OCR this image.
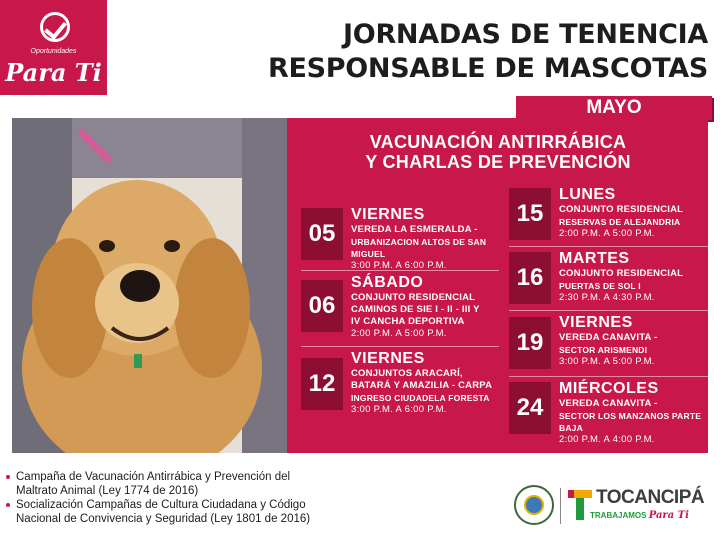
Oportunidades
Para Ti
JORNADAS DE TENENCIA
RESPONSABLE DE MASCOTAS
MAYO
VACUNACIÓN ANTIRRÁBICA
Y CHARLAS DE PREVENCIÓN
05
VIERNES
VEREDA LA ESMERALDA -
URBANIZACION ALTOS DE SAN MIGUEL
3:00 P.M. A 6:00 P.M.
06
SÁBADO
CONJUNTO RESIDENCIAL
CAMINOS DE SIE I - II - III Y
IV CANCHA DEPORTIVA
2:00 P.M. A 5:00 P.M.
12
VIERNES
CONJUNTOS ARACARÍ,
BATARÁ Y AMAZILIA - CARPA
INGRESO CIUDADELA FORESTA
3:00 P.M. A 6:00 P.M.
15
LUNES
CONJUNTO RESIDENCIAL
RESERVAS DE ALEJANDRIA
2:00 P.M. A 5:00 P.M.
16
MARTES
CONJUNTO RESIDENCIAL
PUERTAS DE SOL I
2:30 P.M. A 4:30 P.M.
19
VIERNES
VEREDA CANAVITA -
SECTOR ARISMENDI
3:00 P.M. A 5:00 P.M.
24
MIÉRCOLES
VEREDA CANAVITA -
SECTOR LOS MANZANOS PARTE BAJA
2:00 P.M. A 4:00 P.M.
Campaña de Vacunación Antirrábica y Prevención del
Maltrato Animal (Ley 1774 de 2016)
Socialización Campañas de Cultura Ciudadana y Código
Nacional de Convivencia y Seguridad (Ley 1801 de 2016)
TOCANCIPÁ
TRABAJAMOS Para Ti
